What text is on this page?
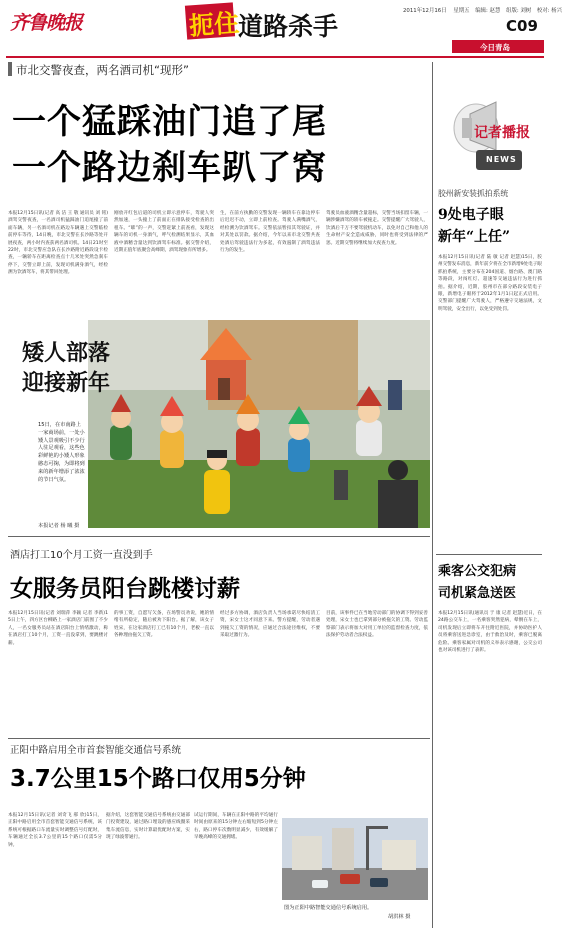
齐鲁晚报	扼住
道路杀手
2011年12月16日 星期五 编辑: 赵慧 组版: 刘树 校对: 杨兴
C09
今日青岛
市北交警夜查，两名酒司机“现形”
一个猛踩油门追了尾
一个路边刹车趴了窝
本报12月15日讯(记者 高 洁 王 敬 通讯员 刘 铭)酒驾交警夜查，一名酒司机猛踩油门追尾撞了前面车辆，另一名酒司机在路边车辆遇上交警临检前停车等待，14日晚，市北交警在长沙路等处开展夜查，两小时内查获两名酒司机。14日21时至22时，市北交警应急队在长沙路附近路段设卡检查，一辆轿车在距离检查点十几米处突然急刹车停下，交警立即上前，发现司机满身酒气，经检测为饮酒驾车，将其带回处理。
刚放开红包后道的司机立即示意停车，驾驶人突然加速，一头撞上了前面正在排队接受检查的出租车。“嘭”的一声，交警赶紧上前查看，发现这辆车的司机一身酒气，呼气检测结果显示，其血液中酒精含量达到饮酒驾车标准。据交警介绍，近期正值年底聚会高峰期，酒驾现象有所增多。
生，在前方执勤的交警发现一辆轿车在靠边停车后迟迟不动，立即上前检查。驾驶人满嘴酒气，经检测为饮酒驾车。交警依法暂扣其驾驶证，并对其处以罚款。据介绍，今年以来市北交警共查处酒后驾驶违法行为多起，有效遏制了酒驾违法行为的发生。
驾驶员血液酒精含量超标，交警当场扣留车辆，一辆涉嫌酒驾的轿车被拖走。交警提醒广大驾驶人，饮酒后千万不要驾驶机动车，以免对自己和他人的生命财产安全造成威胁，同时也将受到法律的严惩。近期交警将继续加大夜查力度。
矮人部落
迎接新年
15日，在市南路上一家商场前，一处小矮人景观吸引不少行人驻足观看，这些色彩鲜艳的小矮人形象憨态可掬，为即将到来的新年增添了浓浓的节日气氛。
本报记者 杨 曦 摄
酒店打工10个月工资一直没到手
女服务员阳台跳楼讨薪
本报12月15日讯(记者 刘瑞萍 李颖 记者 李新)15日上午，四方区台柳路上一家酒店门前围了不少人，一名女服务员站在酒店阳台上情绪激动，称在酒店打工10个月，工资一直没拿到，要跳楼讨薪。
的事工资，自愿写欠条，在场警员劝说，她的情绪有所稳定，随后被劝下阳台。据了解，该女子姓宋，在这家酒店打工已有10个月，老板一直以各种理由拖欠工资。
经过多方协调，酒店负责人当场承诺尽快结清工资，宋女士这才同意下来。警方提醒，劳动者遇到拖欠工资的情况，应通过合法途径维权，不要采取过激行为。
目前，该事件已在当地劳动部门的协调下得到妥善处理，宋女士也已拿到部分被拖欠的工资。劳动监察部门表示将加大对用工单位的监督检查力度，依法保护劳动者合法权益。
正阳中路启用全市首套智能交通信号系统
3.7公里15个路口仅用5分钟
本报12月15日讯(记者 刘奇飞 郝 欣)15日，正阳中路启用全市首套智能交通信号系统，该系统可根据路口车流量实时调整信号灯配时，车辆通过全长3.7公里的15个路口仅需5分钟。
据介绍，这套智能交通信号系统由交通部门投资建设，通过路口埋设的感应线圈采集车流信息，实时计算最优配时方案，实现了绿波带通行。
试运行期间，车辆在正阳中路的平均通行时间由原来的15分钟左右缩短到5分钟左右，路口停车次数明显减少，有效缓解了早晚高峰的交通拥堵。
图为正阳中路智能交通信号系统启用。
胡洪林 摄
记者播报
NEWS
胶州新安装抓拍系统
9处电子眼
新年“上任”
本报12月15日讯(记者 陆 敏 记者 赵慧)15日，胶州交警发布消息，新年前夕将在全市新增9处电子眼抓拍系统，主要分布在204国道、烟台路、澳门路等路段，对闯红灯、超速等交通违法行为进行抓拍。据介绍，近期，胶州市在部分路段安装电子眼，新增电子眼将于2012年1月1日起正式启用。交警部门提醒广大驾驶人，严格遵守交通法规，文明驾驶，安全出行，以免受到处罚。
乘客公交犯病
司机紧急送医
本报12月15日讯(通讯员 于 康 记者 赵慧)近日，在24路公交车上，一名乘客突然犯病，晕倒在车上，司机发现后立即将车开往附近医院，并协助医护人员将乘客送进急诊室，由于救治及时，乘客已脱离危险。乘客家属对司机的义举表示感谢，公交公司也对该司机进行了表彰。
